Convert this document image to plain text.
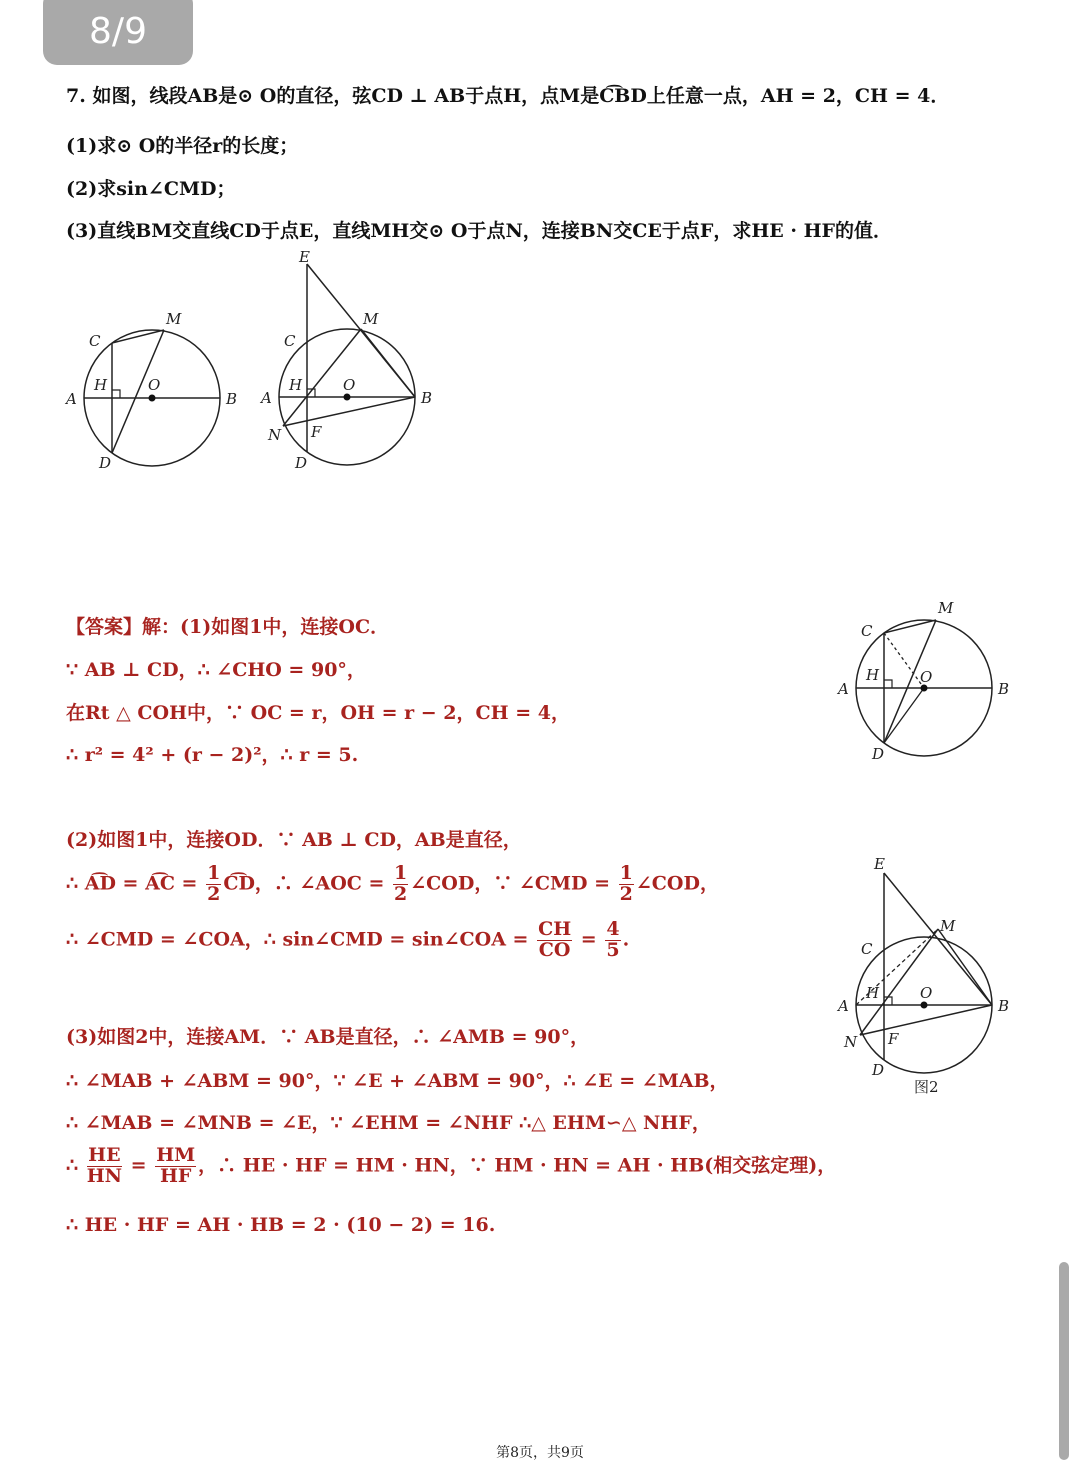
8/9
7. 如图，线段AB是⊙ O的直径，弦CD ⊥ AB于点H，点M是C͡BD上任意一点，AH = 2，CH = 4．
(1)求⊙ O的半径r的长度；
(2)求sin∠CMD；
(3)直线BM交直线CD于点E，直线MH交⊙ O于点N，连接BN交CE于点F，求HE · HF的值．
A	B
C
D
H	O
M
E
A	B
C
D
H	O
M
N F
【答案】解：(1)如图1中，连接OC．
∵ AB ⊥ CD，∴ ∠CHO = 90°，
在Rt △ COH中，∵ OC = r，OH = r − 2，CH = 4，
∴ r² = 4² + (r − 2)²，∴ r = 5.
A	B
C
D
H	O
M
(2)如图1中，连接OD．∵ AB ⊥ CD，AB是直径，
∴ A͡D = A͡C = $\frac{1}{2}$ C͡D，∴ ∠AOC = $\frac{1}{2}$ ∠COD，∵ ∠CMD = $\frac{1}{2}$ ∠COD，
∴ ∠CMD = ∠COA，∴ sin∠CMD = sin∠COA = $\frac{CH}{CO} = \frac{4}{5}$ .
E
A	B
C
D
H	O
M
N F
图2
(3)如图2中，连接AM．∵ AB是直径，∴ ∠AMB = 90°，
∴ ∠MAB + ∠ABM = 90°，∵ ∠E + ∠ABM = 90°，∴ ∠E = ∠MAB，
∴ ∠MAB = ∠MNB = ∠E，∵ ∠EHM = ∠NHF ∴△ EHM∽△ NHF，
∴ $\frac{HE}{HN} = \frac{HM}{HF}$ ，∴ HE · HF = HM · HN，∵ HM · HN = AH · HB(相交弦定理)，
∴ HE · HF = AH · HB = 2 · (10 − 2) = 16.
第8页，共9页
